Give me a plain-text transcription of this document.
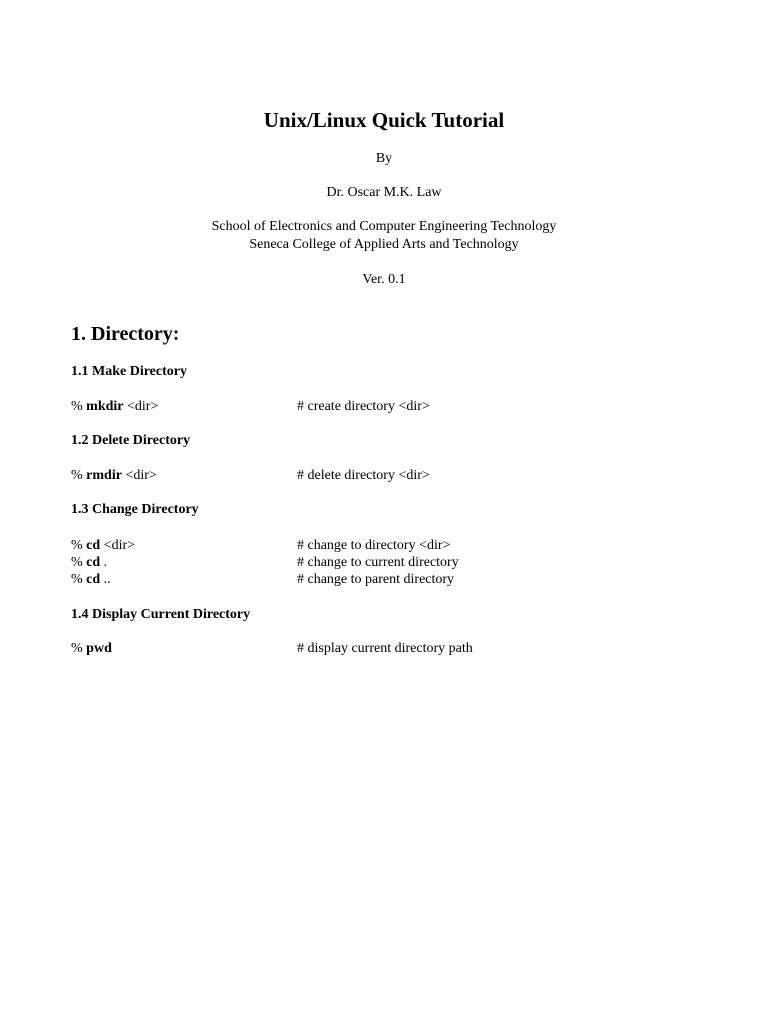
Unix/Linux Quick Tutorial
By
Dr. Oscar M.K. Law
School of Electronics and Computer Engineering Technology
Seneca College of Applied Arts and Technology
Ver. 0.1
1. Directory:
1.1 Make Directory
% mkdir <dir>	# create directory <dir>
1.2 Delete Directory
% rmdir <dir>	# delete directory <dir>
1.3 Change Directory
% cd <dir>	# change to directory <dir>
% cd .	# change to current directory
% cd ..	# change to parent directory
1.4 Display Current Directory
% pwd	# display current directory path
